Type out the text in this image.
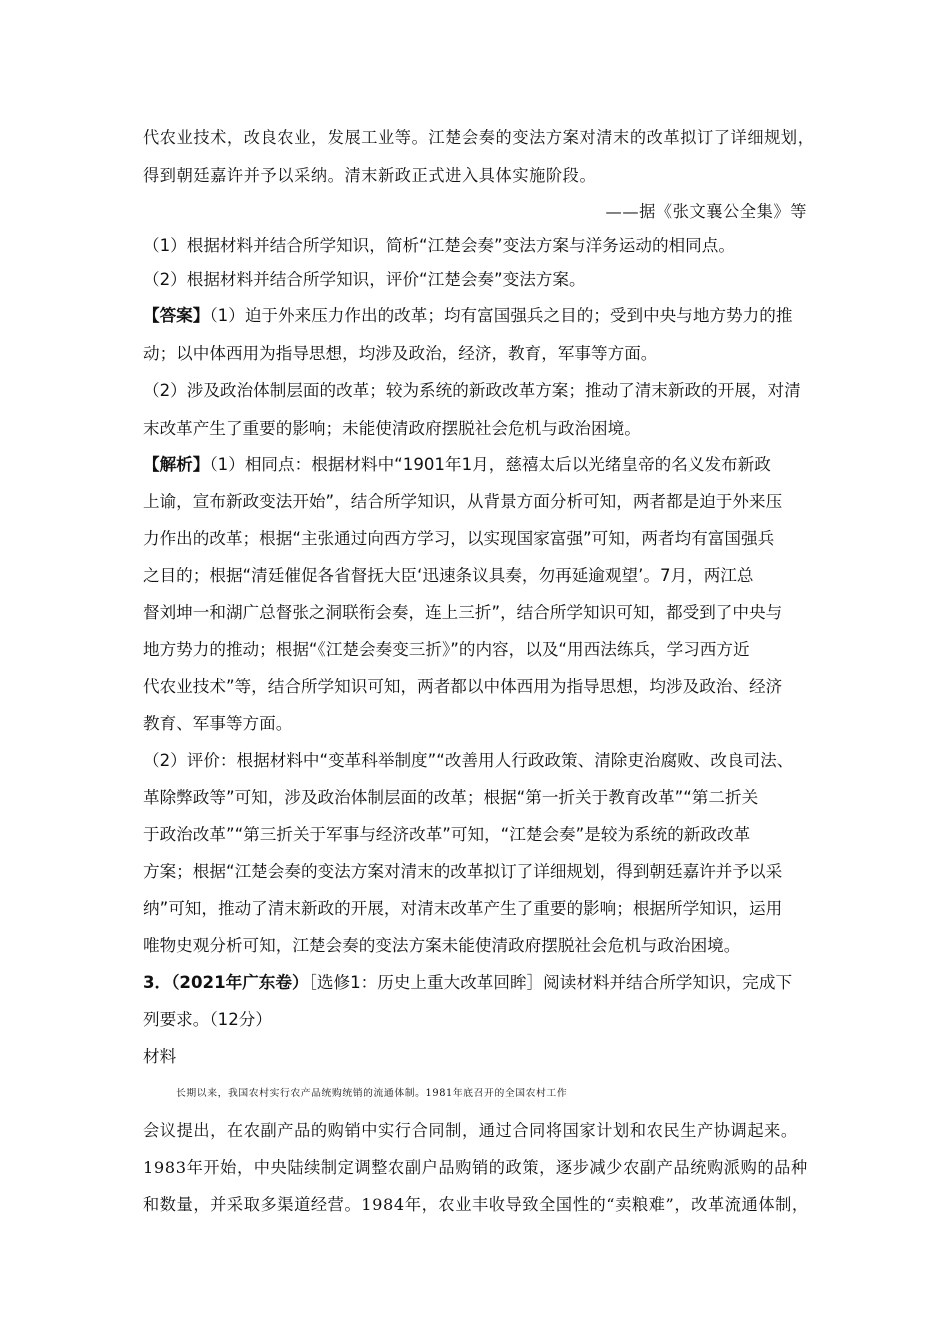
代农业技术，改良农业，发展工业等。江楚会奏的变法方案对清末的改革拟订了详细规划，
得到朝廷嘉许并予以采纳。清末新政正式进入具体实施阶段。
——据《张文襄公全集》等
（1）根据材料并结合所学知识，简析“江楚会奏”变法方案与洋务运动的相同点。
（2）根据材料并结合所学知识，评价“江楚会奏”变法方案。
【答案】（1）迫于外来压力作出的改革；均有富国强兵之目的；受到中央与地方势力的推
动；以中体西用为指导思想，均涉及政治，经济，教育，军事等方面。
（2）涉及政治体制层面的改革；较为系统的新政改革方案；推动了清末新政的开展，对清
末改革产生了重要的影响；未能使清政府摆脱社会危机与政治困境。
【解析】（1）相同点：根据材料中“1901年1月，慈禧太后以光绪皇帝的名义发布新政
上谕，宣布新政变法开始”，结合所学知识，从背景方面分析可知，两者都是迫于外来压
力作出的改革；根据“主张通过向西方学习，以实现国家富强”可知，两者均有富国强兵
之目的；根据“清廷催促各省督抚大臣‘迅速条议具奏，勿再延逾观望’。7月，两江总
督刘坤一和湖广总督张之洞联衔会奏，连上三折”，结合所学知识可知，都受到了中央与
地方势力的推动；根据“《江楚会奏变三折》”的内容，以及“用西法练兵，学习西方近
代农业技术”等，结合所学知识可知，两者都以中体西用为指导思想，均涉及政治、经济
教育、军事等方面。
（2）评价：根据材料中“变革科举制度”“改善用人行政政策、清除吏治腐败、改良司法、
革除弊政等”可知，涉及政治体制层面的改革；根据“第一折关于教育改革”“第二折关
于政治改革”“第三折关于军事与经济改革”可知，“江楚会奏”是较为系统的新政改革
方案；根据“江楚会奏的变法方案对清末的改革拟订了详细规划，得到朝廷嘉许并予以采
纳”可知，推动了清末新政的开展，对清末改革产生了重要的影响；根据所学知识，运用
唯物史观分析可知，江楚会奏的变法方案未能使清政府摆脱社会危机与政治困境。
3．（2021年广东卷）［选修1：历史上重大改革回眸］阅读材料并结合所学知识，完成下
列要求。（12分）
材料
长期以来，我国农村实行农产品统购统销的流通体制。1981年底召开的全国农村工作
会议提出，在农副产品的购销中实行合同制，通过合同将国家计划和农民生产协调起来。
1983年开始，中央陆续制定调整农副户品购销的政策，逐步减少农副产品统购派购的品种
和数量，并采取多渠道经营。1984年，农业丰收导致全国性的“卖粮难”，改革流通体制，
